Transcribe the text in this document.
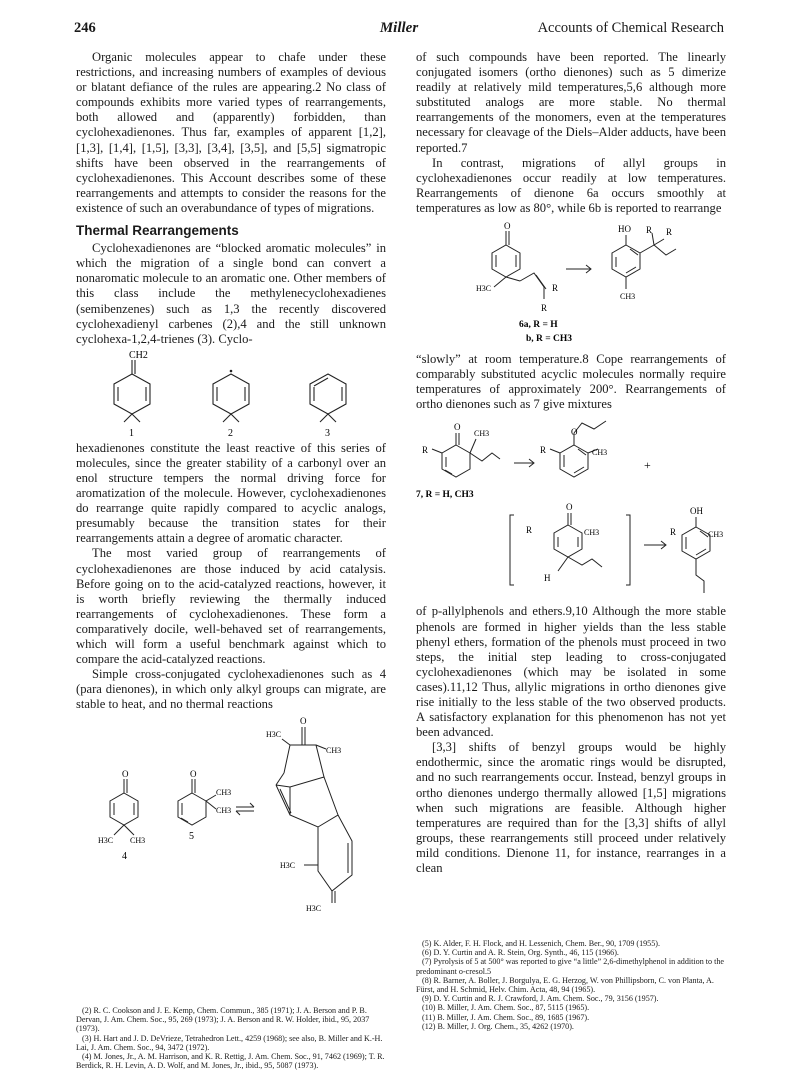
246	Miller	Accounts of Chemical Research

Organic molecules appear to chafe under these restrictions, and increasing numbers of examples of devious or blatant defiance of the rules are appearing.2 No class of compounds exhibits more varied types of rearrangements, both allowed and (apparently) forbidden, than cyclohexadienones. Thus far, examples of apparent [1,2], [1,3], [1,4], [1,5], [3,3], [3,4], [3,5], and [5,5] sigmatropic shifts have been observed in the rearrangements of cyclohexadienones. This Account describes some of these rearrangements and attempts to consider the reasons for the existence of such an overabundance of types of migrations.

Thermal Rearrangements

Cyclohexadienones are “blocked aromatic molecules” in which the migration of a single bond can convert a nonaromatic molecule to an aromatic one. Other members of this class include the methylenecyclohexadienes (semibenzenes) such as 1,3 the recently discovered cyclohexadienyl carbenes (2),4 and the still unknown cyclohexa-1,2,4-trienes (3). Cyclo-

CH2
1	2	3

hexadienones constitute the least reactive of this series of molecules, since the greater stability of a carbonyl over an enol structure tempers the normal driving force for aromatization of the molecule. However, cyclohexadienones do rearrange quite rapidly compared to acyclic analogs, presumably because the transition states for their rearrangements attain a degree of aromatic character.

The most varied group of rearrangements of cyclohexadienones are those induced by acid catalysis. Before going on to the acid-catalyzed reactions, however, it is worth briefly reviewing the thermally induced rearrangements of cyclohexadienones. These form a comparatively docile, well-behaved set of rearrangements, which will form a useful benchmark against which to compare the acid-catalyzed reactions.

Simple cross-conjugated cyclohexadienones such as 4 (para dienones), in which only alkyl groups can migrate, are stable to heat, and no thermal reactions

O
O	O
H3C
CH3
CH3
CH3
H3C CH3
H3C
H3C
4
5

(2) R. C. Cookson and J. E. Kemp, Chem. Commun., 385 (1971); J. A. Berson and P. B. Dervan, J. Am. Chem. Soc., 95, 269 (1973); J. A. Berson and R. W. Holder, ibid., 95, 2037 (1973).

(3) H. Hart and J. D. DeVrieze, Tetrahedron Lett., 4259 (1968); see also, B. Miller and K.-H. Lai, J. Am. Chem. Soc., 94, 3472 (1972).

(4) M. Jones, Jr., A. M. Harrison, and K. R. Rettig, J. Am. Chem. Soc., 91, 7462 (1969); T. R. Berdick, R. H. Levin, A. D. Wolf, and M. Jones, Jr., ibid., 95, 5087 (1973).

of such compounds have been reported. The linearly conjugated isomers (ortho dienones) such as 5 dimerize readily at relatively mild temperatures,5,6 although more substituted analogs are more stable. No thermal rearrangements of the monomers, even at the temperatures necessary for cleavage of the Diels–Alder adducts, have been reported.7

In contrast, migrations of allyl groups in cyclohexadienones occur readily at low temperatures. Rearrangements of dienone 6a occurs smoothly at temperatures as low as 80°, while 6b is reported to rearrange

O	HO R R
H3C	R
R
CH3
6a, R = H
b, R = CH3

“slowly” at room temperature.8 Cope rearrangements of comparably substituted acyclic molecules normally require temperatures of approximately 200°. Rearrangements of ortho dienones such as 7 give mixtures

O
CH3
R	R	CH3
O
+
7, R = H, CH3
O
R	CH3
H
OH
R	CH3

of p-allylphenols and ethers.9,10 Although the more stable phenols are formed in higher yields than the less stable phenyl ethers, formation of the phenols must proceed in two steps, the initial step leading to cross-conjugated cyclohexadienones (which may be isolated in some cases).11,12 Thus, allylic migrations in ortho dienones give rise initially to the less stable of the two observed products. A satisfactory explanation for this phenomenon has not yet been advanced.

[3,3] shifts of benzyl groups would be highly endothermic, since the aromatic rings would be disrupted, and no such rearrangements occur. Instead, benzyl groups in ortho dienones undergo thermally allowed [1,5] migrations when such migrations are feasible. Although higher temperatures are required than for the [3,3] shifts of allyl groups, these rearrangements still proceed under relatively mild conditions. Dienone 11, for instance, rearranges in a clean

(5) K. Alder, F. H. Flock, and H. Lessenich, Chem. Ber., 90, 1709 (1955).

(6) D. Y. Curtin and A. R. Stein, Org. Synth., 46, 115 (1966).

(7) Pyrolysis of 5 at 500° was reported to give “a little” 2,6-dimethylphenol in addition to the predominant o-cresol.5

(8) R. Barner, A. Boller, J. Borgulya, E. G. Herzog, W. von Phillipsborn, C. von Planta, A. Fürst, and H. Schmid, Helv. Chim. Acta, 48, 94 (1965).

(9) D. Y. Curtin and R. J. Crawford, J. Am. Chem. Soc., 79, 3156 (1957).

(10) B. Miller, J. Am. Chem. Soc., 87, 5115 (1965).

(11) B. Miller, J. Am. Chem. Soc., 89, 1685 (1967).

(12) B. Miller, J. Org. Chem., 35, 4262 (1970).
